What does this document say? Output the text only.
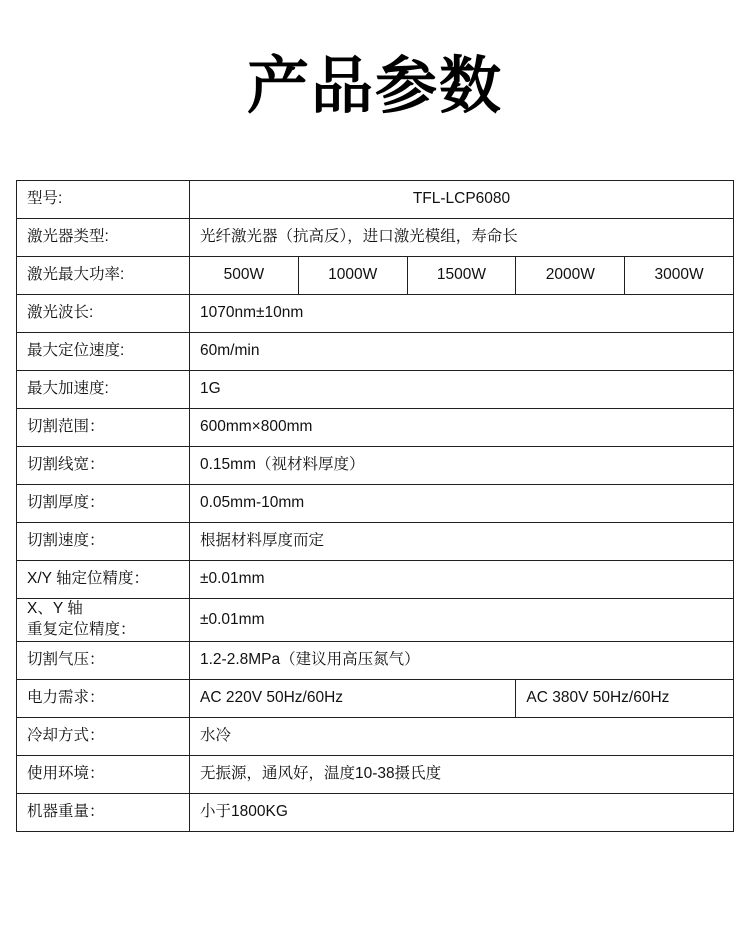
产品参数
型号:	TFL-LCP6080				
激光器类型:	光纤激光器（抗高反），进口激光模组，寿命长				
激光最大功率:	500W	1000W	1500W	2000W	3000W
激光波长:	1070nm±10nm				
最大定位速度:	60m/min				
最大加速度:	1G				
切割范围：	600mm×800mm				
切割线宽：	0.15mm（视材料厚度）				
切割厚度：	0.05mm-10mm				
切割速度：	根据材料厚度而定				
X/Y 轴定位精度：	±0.01mm				

X、Y 轴
重复定位精度：	±0.01mm				
切割气压：	1.2-2.8MPa（建议用高压氮气）				
电力需求：	AC 220V 50Hz/60Hz			AC 380V 50Hz/60Hz	
冷却方式：	水冷				
使用环境：	无振源，通风好，温度10-38摄氏度				
机器重量：	小于1800KG				
